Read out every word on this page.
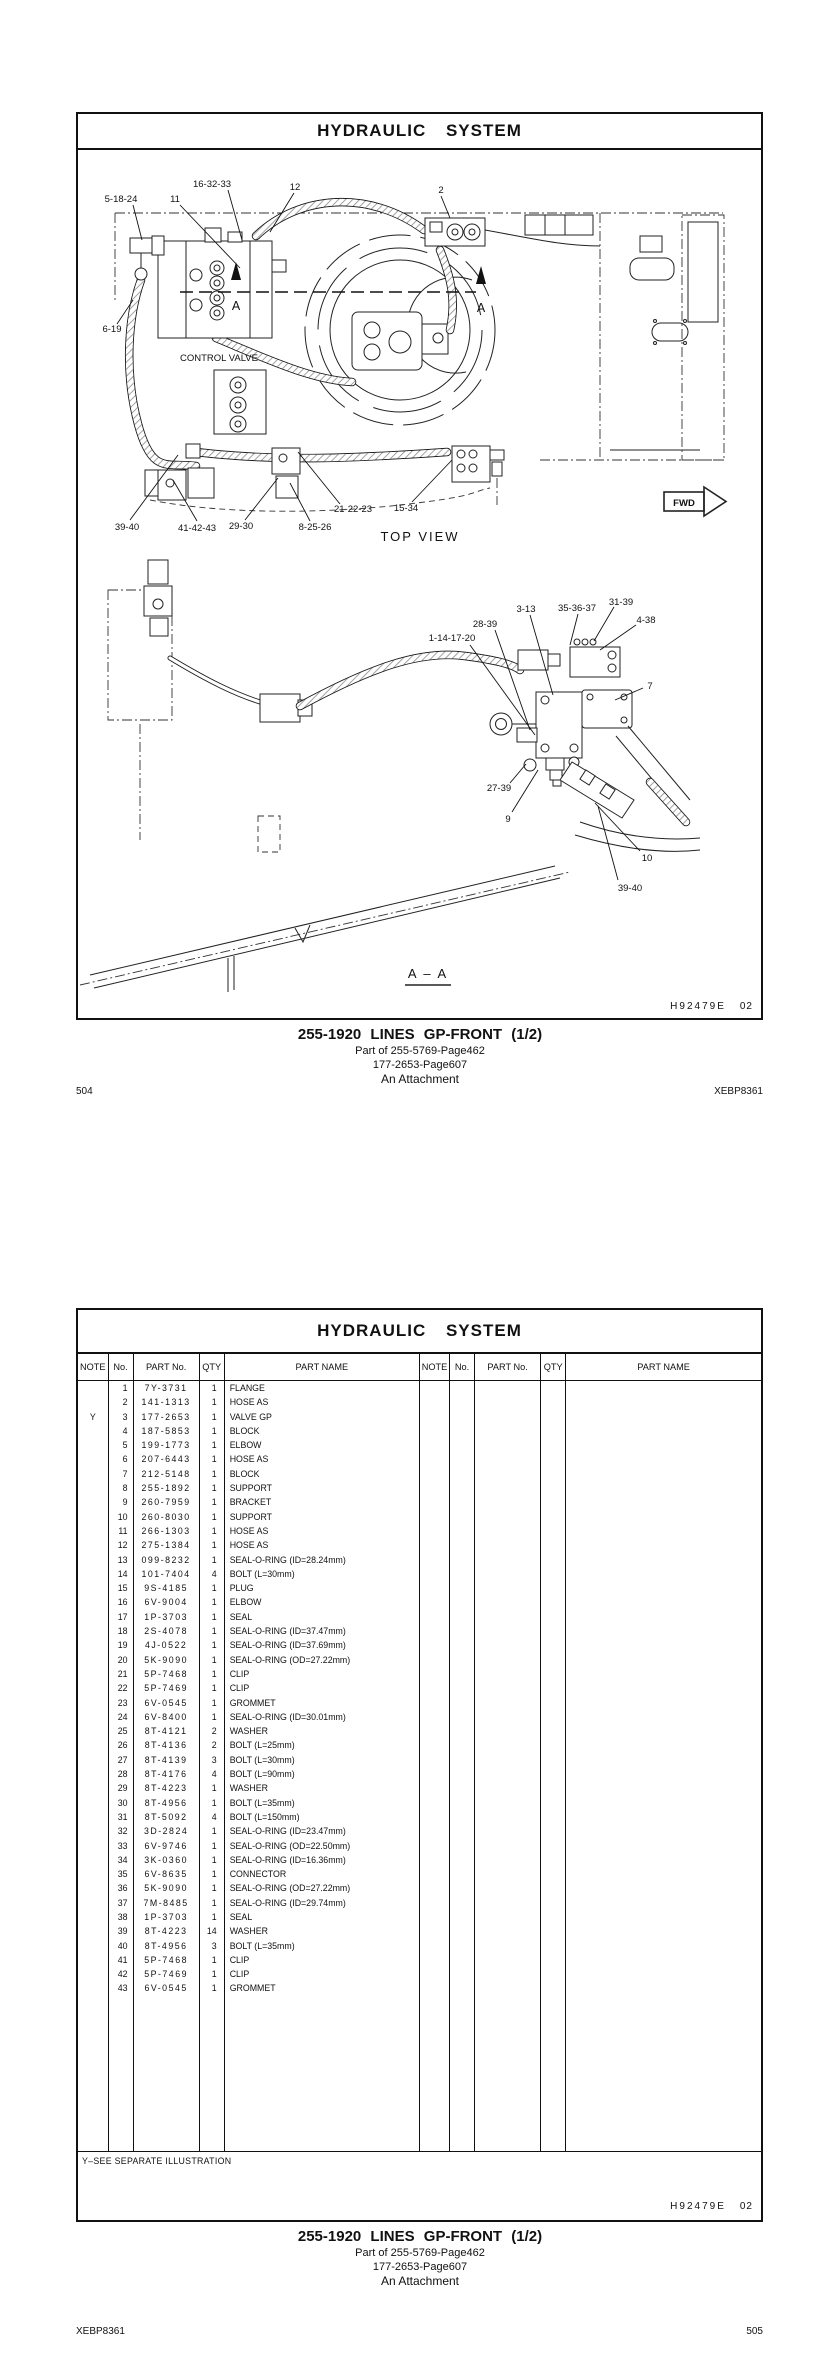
HYDRAULIC SYSTEM
5-18-24
16-32-33
11
12	2
6-19
39-40	41-42-43 29-30	8-25-26
21-22-23 15-34
CONTROL VALVE
A	A
TOP VIEW
FWD
1-14-17-20
28-39
3-13 35-36-37
31-39
4-38
7
27-39
9
10
39-40
A – A
H92479E 02
255-1920 LINES GP-FRONT (1/2)
Part of 255-5769-Page462
177-2653-Page607
An Attachment
504	XEBP8361
HYDRAULIC SYSTEM
NOTE	No.	PART No.	QTY	PART NAME	NOTE	No.	PART No.	QTY	PART NAME
	1	7Y-3731	1	FLANGE					
	2	141-1313	1	HOSE AS					
Y	3	177-2653	1	VALVE GP					
	4	187-5853	1	BLOCK					
	5	199-1773	1	ELBOW					
	6	207-6443	1	HOSE AS					
	7	212-5148	1	BLOCK					
	8	255-1892	1	SUPPORT					
	9	260-7959	1	BRACKET					
	10	260-8030	1	SUPPORT					
	11	266-1303	1	HOSE AS					
	12	275-1384	1	HOSE AS					
	13	099-8232	1	SEAL-O-RING (ID=28.24mm)					
	14	101-7404	4	BOLT (L=30mm)					
	15	9S-4185	1	PLUG					
	16	6V-9004	1	ELBOW					
	17	1P-3703	1	SEAL					
	18	2S-4078	1	SEAL-O-RING (ID=37.47mm)					
	19	4J-0522	1	SEAL-O-RING (ID=37.69mm)					
	20	5K-9090	1	SEAL-O-RING (OD=27.22mm)					
	21	5P-7468	1	CLIP					
	22	5P-7469	1	CLIP					
	23	6V-0545	1	GROMMET					
	24	6V-8400	1	SEAL-O-RING (ID=30.01mm)					
	25	8T-4121	2	WASHER					
	26	8T-4136	2	BOLT (L=25mm)					
	27	8T-4139	3	BOLT (L=30mm)					
	28	8T-4176	4	BOLT (L=90mm)					
	29	8T-4223	1	WASHER					
	30	8T-4956	1	BOLT (L=35mm)					
	31	8T-5092	4	BOLT (L=150mm)					
	32	3D-2824	1	SEAL-O-RING (ID=23.47mm)					
	33	6V-9746	1	SEAL-O-RING (OD=22.50mm)					
	34	3K-0360	1	SEAL-O-RING (ID=16.36mm)					
	35	6V-8635	1	CONNECTOR					
	36	5K-9090	1	SEAL-O-RING (OD=27.22mm)					
	37	7M-8485	1	SEAL-O-RING (ID=29.74mm)					
	38	1P-3703	1	SEAL					
	39	8T-4223	14	WASHER					
	40	8T-4956	3	BOLT (L=35mm)					
	41	5P-7468	1	CLIP					
	42	5P-7469	1	CLIP					
	43	6V-0545	1	GROMMET					

Y–SEE SEPARATE ILLUSTRATION
H92479E 02
255-1920 LINES GP-FRONT (1/2)
Part of 255-5769-Page462
177-2653-Page607
An Attachment
XEBP8361	505
